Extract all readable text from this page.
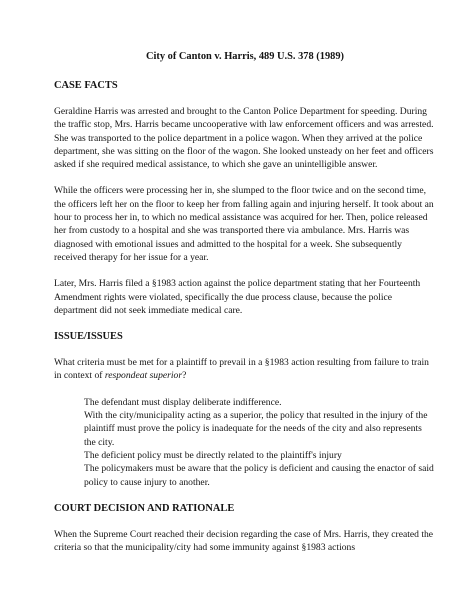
City of Canton v. Harris, 489 U.S. 378 (1989)
CASE FACTS

Geraldine Harris was arrested and brought to the Canton Police Department for speeding. During the traffic stop, Mrs. Harris became uncooperative with law enforcement officers and was arrested. She was transported to the police department in a police wagon. When they arrived at the police department, she was sitting on the floor of the wagon. She looked unsteady on her feet and officers asked if she required medical assistance, to which she gave an unintelligible answer.

While the officers were processing her in, she slumped to the floor twice and on the second time, the officers left her on the floor to keep her from falling again and injuring herself. It took about an hour to process her in, to which no medical assistance was acquired for her. Then, police released her from custody to a hospital and she was transported there via ambulance. Mrs. Harris was diagnosed with emotional issues and admitted to the hospital for a week. She subsequently received therapy for her issue for a year.

Later, Mrs. Harris filed a §1983 action against the police department stating that her Fourteenth Amendment rights were violated, specifically the due process clause, because the police department did not seek immediate medical care.

ISSUE/ISSUES

What criteria must be met for a plaintiff to prevail in a §1983 action resulting from failure to train in context of respondeat superior?

The defendant must display deliberate indifference.
With the city/municipality acting as a superior, the policy that resulted in the injury of the plaintiff must prove the policy is inadequate for the needs of the city and also represents the city.
The deficient policy must be directly related to the plaintiff's injury
The policymakers must be aware that the policy is deficient and causing the enactor of said policy to cause injury to another.
COURT DECISION AND RATIONALE

When the Supreme Court reached their decision regarding the case of Mrs. Harris, they created the criteria so that the municipality/city had some immunity against §1983 actions
